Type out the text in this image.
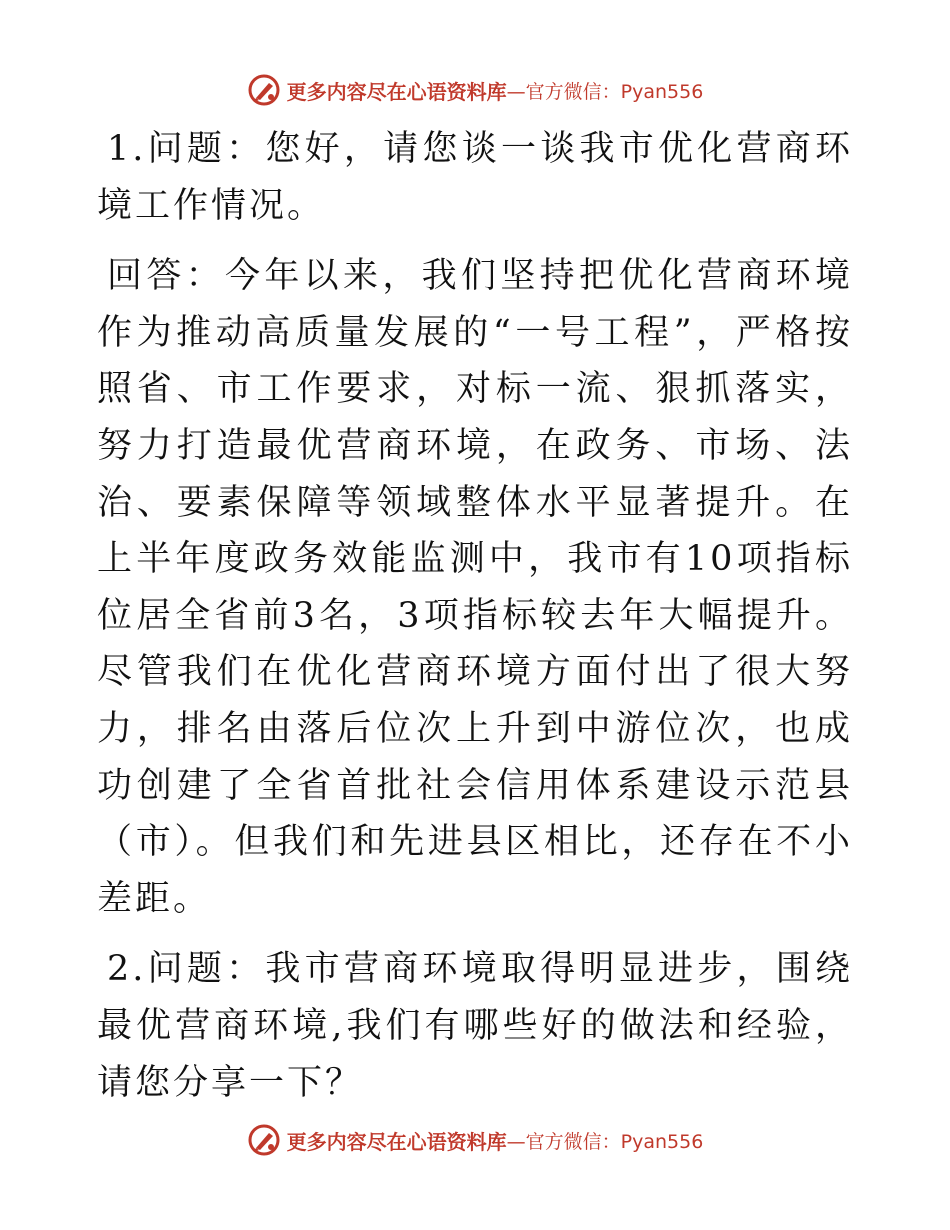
更多内容尽在心语资料库 —官方微信：Pyan556

1.问题：您好，请您谈一谈我市优化营商环境工作情况。

回答：今年以来，我们坚持把优化营商环境作为推动高质量发展的“一号工程”，严格按照省、市工作要求，对标一流、狠抓落实，努力打造最优营商环境，在政务、市场、法治、要素保障等领域整体水平显著提升。在上半年度政务效能监测中，我市有10项指标位居全省前3名，3项指标较去年大幅提升。尽管我们在优化营商环境方面付出了很大努力，排名由落后位次上升到中游位次，也成功创建了全省首批社会信用体系建设示范县（市）。但我们和先进县区相比，还存在不小差距。

2.问题：我市营商环境取得明显进步，围绕最优营商环境,我们有哪些好的做法和经验，请您分享一下？

更多内容尽在心语资料库 —官方微信：Pyan556
